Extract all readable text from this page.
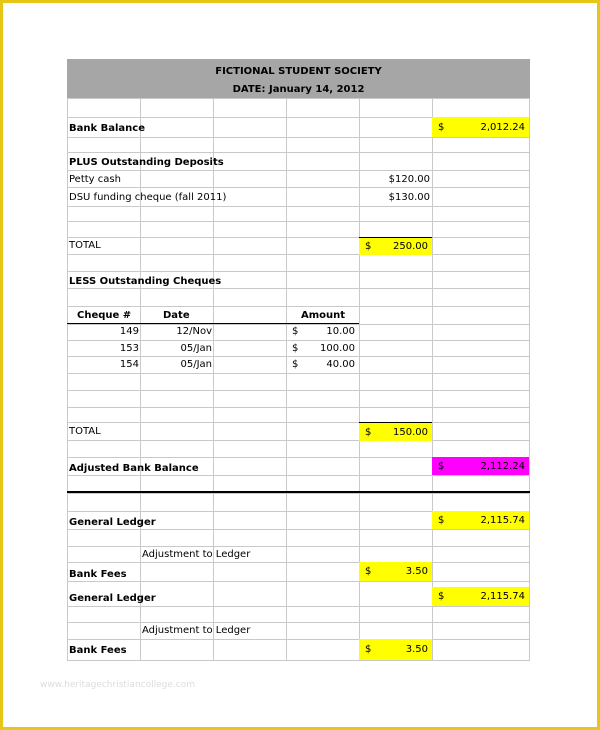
FICTIONAL STUDENT SOCIETY
DATE: January 14, 2012
Bank Balance	$	2,012.24
PLUS Outstanding Deposits
Petty cash	$120.00
DSU funding cheque (fall 2011)	$130.00
TOTAL	$ 250.00
LESS Outstanding Cheques
Cheque #	Date	Amount
149	12/Nov	$	10.00
153	05/Jan	$	100.00
154	05/Jan	$	40.00
TOTAL	$ 150.00
Adjusted Bank Balance	$	2,112.24
General Ledger	$	2,115.74
Adjustment to Ledger
Bank Fees	$	3.50
General Ledger	$	2,115.74
Adjustment to Ledger
Bank Fees	$	3.50
www.heritagechristiancollege.com
